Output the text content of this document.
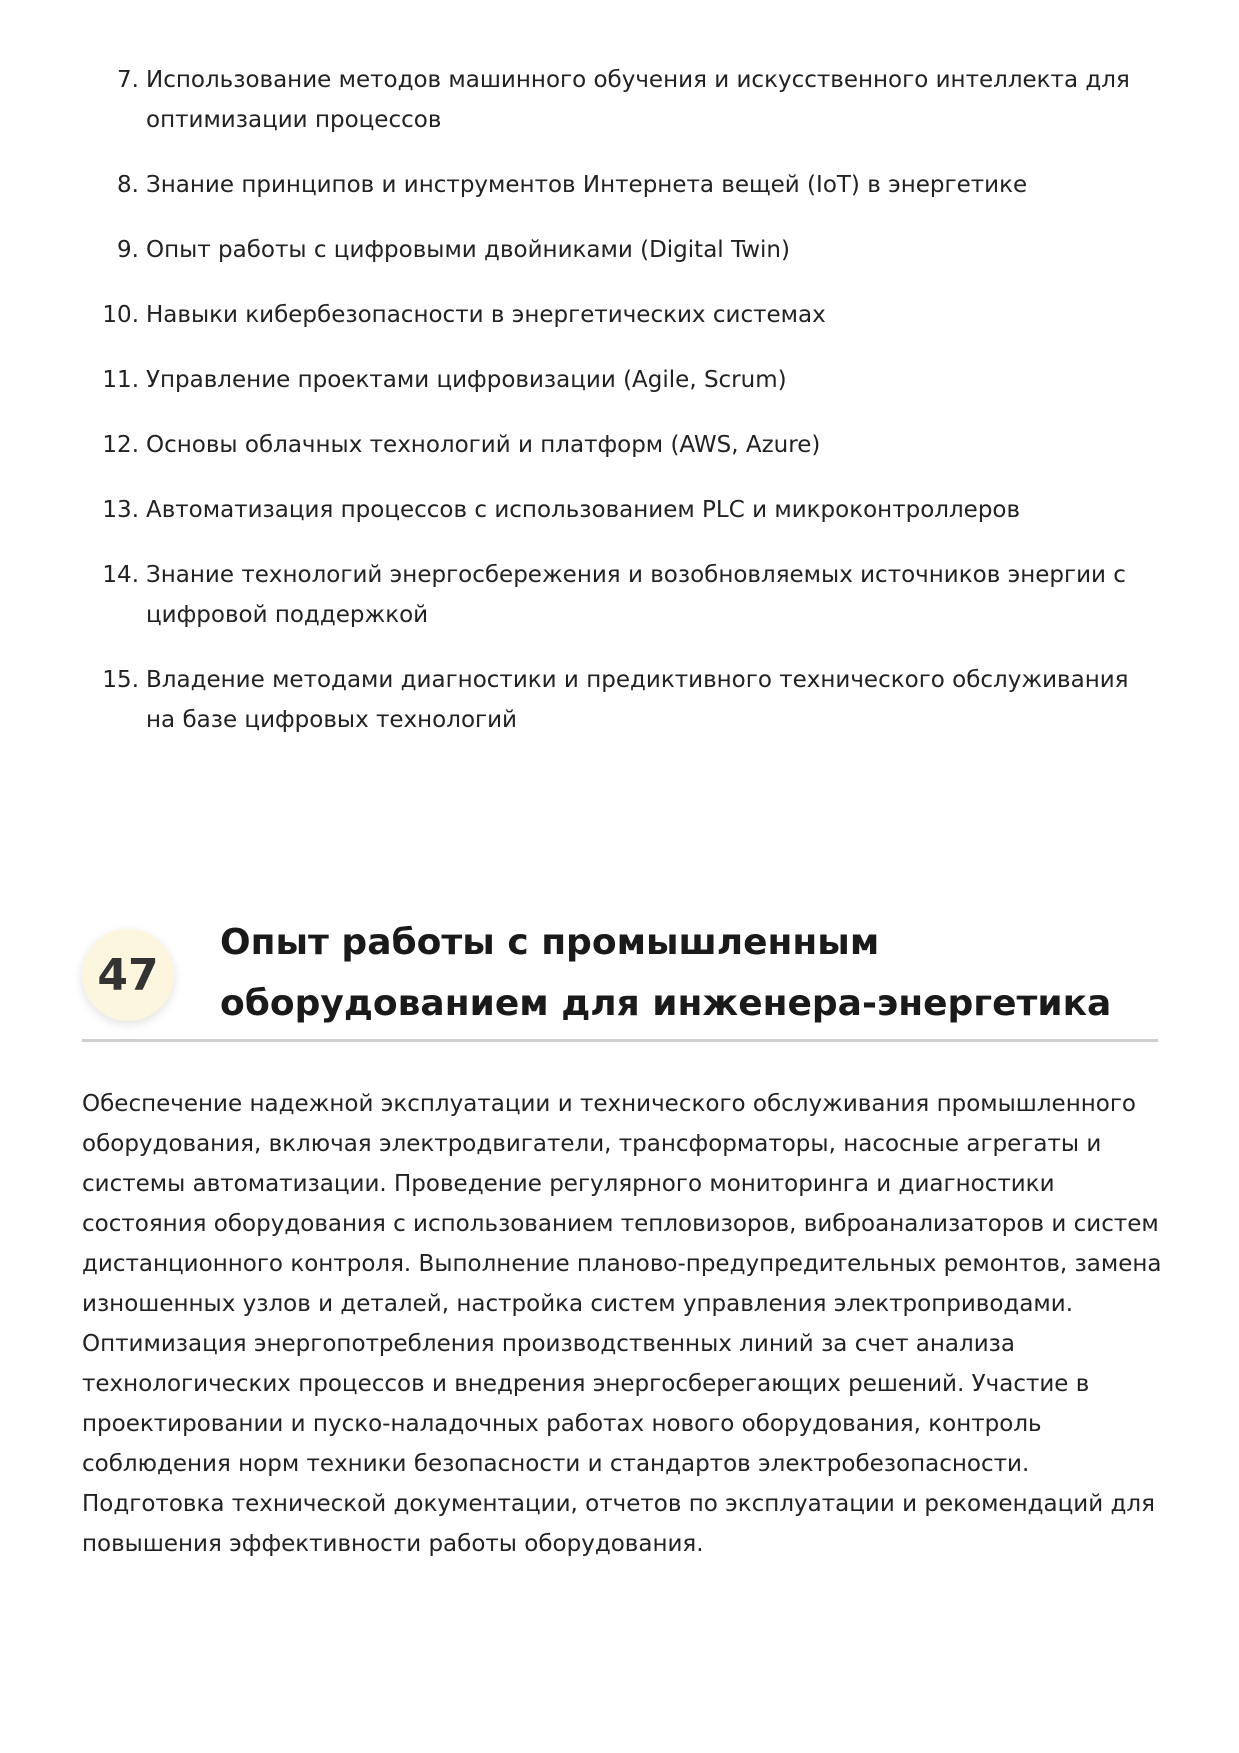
7. Использование методов машинного обучения и искусственного интеллекта для оптимизации процессов
8. Знание принципов и инструментов Интернета вещей (IoT) в энергетике
9. Опыт работы с цифровыми двойниками (Digital Twin)
10. Навыки кибербезопасности в энергетических системах
11. Управление проектами цифровизации (Agile, Scrum)
12. Основы облачных технологий и платформ (AWS, Azure)
13. Автоматизация процессов с использованием PLC и микроконтроллеров
14. Знание технологий энергосбережения и возобновляемых источников энергии с цифровой поддержкой
15. Владение методами диагностики и предиктивного технического обслуживания на базе цифровых технологий
47
Опыт работы с промышленным оборудованием для инженера-энергетика

Обеспечение надежной эксплуатации и технического обслуживания промышленного оборудования, включая электродвигатели, трансформаторы, насосные агрегаты и системы автоматизации. Проведение регулярного мониторинга и диагностики состояния оборудования с использованием тепловизоров, виброанализаторов и систем дистанционного контроля. Выполнение планово-предупредительных ремонтов, замена изношенных узлов и деталей, настройка систем управления электроприводами. Оптимизация энергопотребления производственных линий за счет анализа технологических процессов и внедрения энергосберегающих решений. Участие в проектировании и пуско-наладочных работах нового оборудования, контроль соблюдения норм техники безопасности и стандартов электробезопасности. Подготовка технической документации, отчетов по эксплуатации и рекомендаций для повышения эффективности работы оборудования.
